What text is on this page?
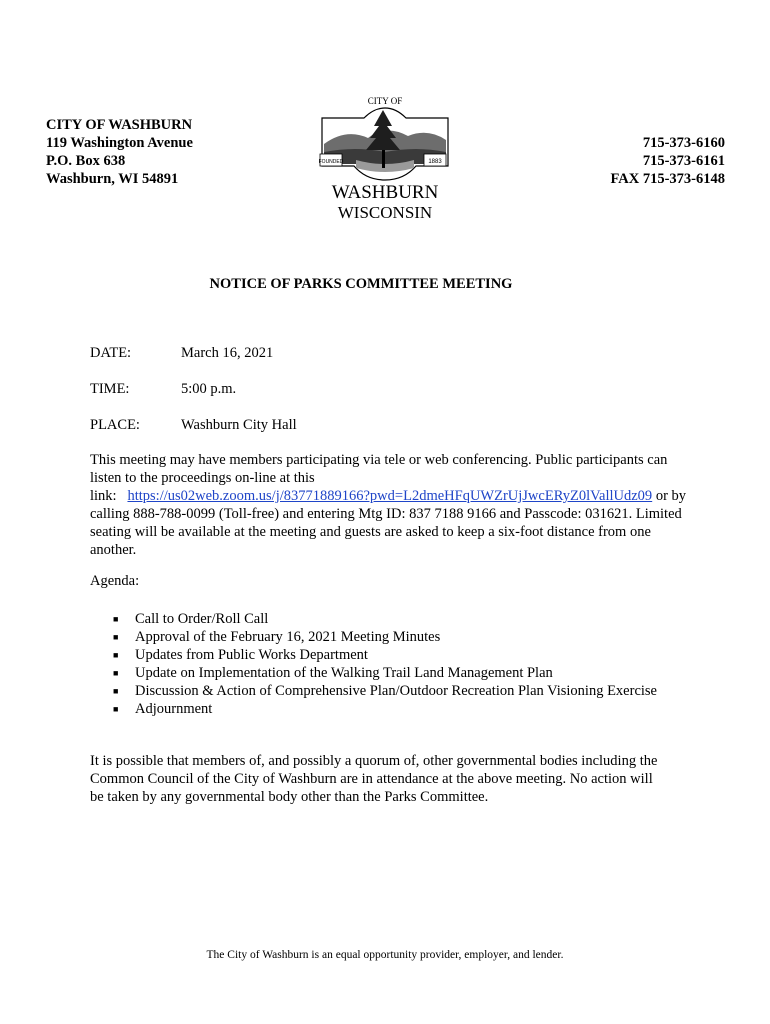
CITY OF WASHBURN
119 Washington Avenue
P.O. Box 638
Washburn, WI 54891
715-373-6160
715-373-6161
FAX 715-373-6148
CITY OF
FOUNDED	1883
WASHBURN
WISCONSIN
NOTICE OF PARKS COMMITTEE MEETING
DATE:	March 16, 2021
TIME:	5:00 p.m.
PLACE:	Washburn City Hall
This meeting may have members participating via tele or web conferencing. Public participants can
listen to the proceedings on-line at this
link: https://us02web.zoom.us/j/83771889166?pwd=L2dmeHFqUWZrUjJwcERyZ0lVallUdz09 or by
calling 888-788-0099 (Toll-free) and entering Mtg ID: 837 7188 9166 and Passcode: 031621. Limited
seating will be available at the meeting and guests are asked to keep a six-foot distance from one
another.
Agenda:
■	Call to Order/Roll Call
■	Approval of the February 16, 2021 Meeting Minutes
■	Updates from Public Works Department
■	Update on Implementation of the Walking Trail Land Management Plan
■	Discussion & Action of Comprehensive Plan/Outdoor Recreation Plan Visioning Exercise
■	Adjournment
It is possible that members of, and possibly a quorum of, other governmental bodies including the
Common Council of the City of Washburn are in attendance at the above meeting. No action will
be taken by any governmental body other than the Parks Committee.
The City of Washburn is an equal opportunity provider, employer, and lender.
